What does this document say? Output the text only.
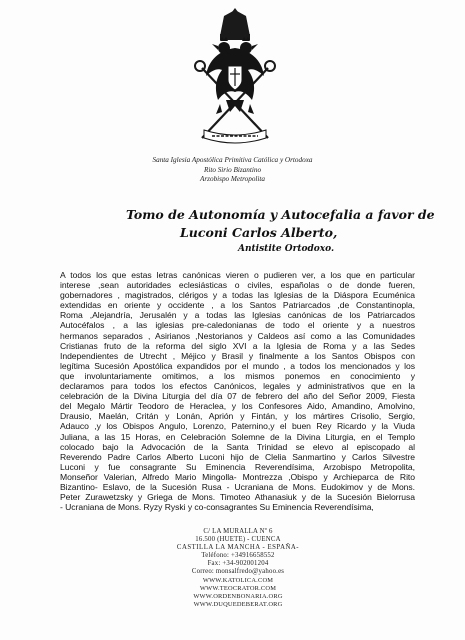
Santa Iglesia Apostólica Primitiva Católica y Ortodoxa
Rito Sirio Bizantino
Arzobispo Metropolita
Tomo de Autonomía y Autocefalia a favor de
Luconi Carlos Alberto,
Antistite Ortodoxo.
A todos los que estas letras canónicas vieren o pudieren ver, a los que en particular
interese ,sean autoridades eclesiásticas o civiles, españolas o de donde fueren,
gobernadores , magistrados, clérigos y a todas las Iglesias de la Diáspora Ecuménica
extendidas en oriente y occidente , a los Santos Patriarcados ,de Constantinopla,
Roma ,Alejandría, Jerusalén y a todas las Iglesias canónicas de los Patriarcados
Autocéfalos , a las iglesias pre-caledonianas de todo el oriente y a nuestros
hermanos separados , Asirianos ,Nestorianos y Caldeos así como a las Comunidades
Cristianas fruto de la reforma del siglo XVI a la Iglesia de Roma y a las Sedes
Independientes de Utrecht , Méjico y Brasil y finalmente a los Santos Obispos con
legítima Sucesión Apostólica expandidos por el mundo , a todos los mencionados y los
que involuntariamente omitimos, a los mismos ponemos en conocimiento y
declaramos para todos los efectos Canónicos, legales y administrativos que en la
celebración de la Divina Liturgia del día 07 de febrero del año del Señor 2009, Fiesta
del Megalo Mártir Teodoro de Heraclea, y los Confesores Aido, Amandino, Amolvino,
Drausio, Maelán, Critán y Lonán, Aprión y Fintán, y los mártires Crisolio, Sergio,
Adauco ,y los Obispos Angulo, Lorenzo, Paternino,y el buen Rey Ricardo y la Viuda
Juliana, a las 15 Horas, en Celebración Solemne de la Divina Liturgia, en el Templo
colocado bajo la Advocación de la Santa Trinidad se elevo al episcopado al
Reverendo Padre Carlos Alberto Luconi hijo de Clelia Sanmartino y Carlos Silvestre
Luconi y fue consagrante Su Eminencia Reverendísima, Arzobispo Metropolita,
Monseñor Valerian, Alfredo Mario Mingolla- Montrezza ,Obispo y Archieparca de Rito
Bizantino- Eslavo, de la Sucesión Rusa - Ucraniana de Mons. Eudokimov y de Mons.
Peter Zurawetzsky y Griega de Mons. Timoteo Athanasiuk y de la Sucesión Bielorrusa
- Ucraniana de Mons. Ryzy Ryski y co-consagrantes Su Eminencia Reverendísima,
C/ LA MURALLA Nº 6
16.500 (HUETE) - CUENCA
CASTILLA LA MANCHA - ESPAÑA-
Teléfono: +34916658552
Fax: +34-902001204
Correo: monsalfredo@yahoo.es
WWW.KATOLICA.COM
WWW.TEOCRATOR.COM
WWW.ORDENBONARIA.ORG
WWW.DUQUEDEBERAT.ORG
